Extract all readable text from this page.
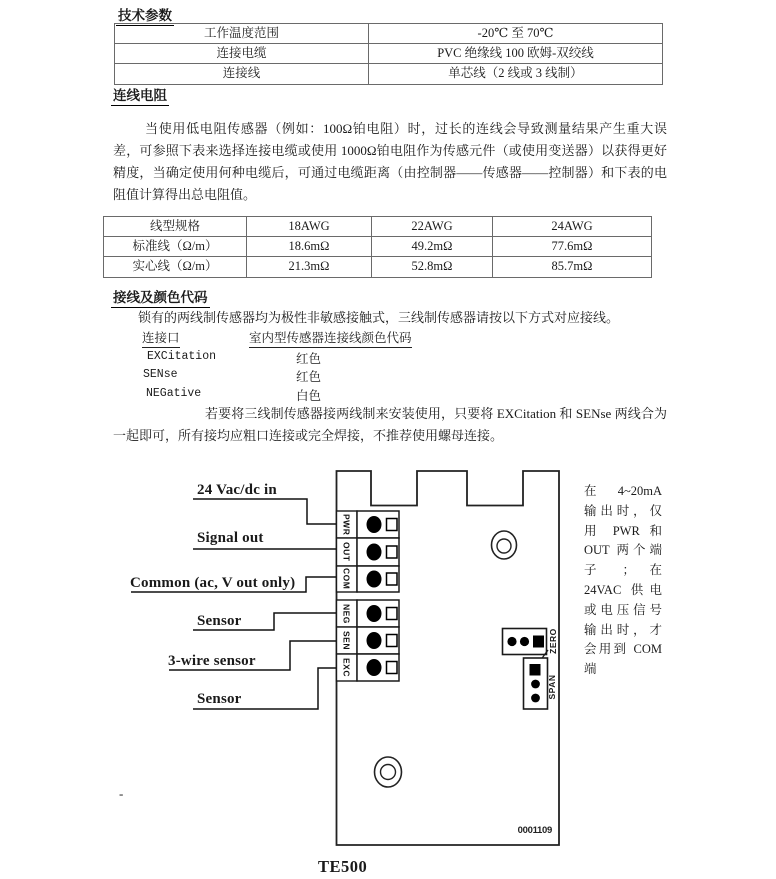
技术参数
工作温度范围	-20℃ 至 70℃
连接电缆	PVC 绝缘线 100 欧姆-双绞线
连接线	单芯线（2 线或 3 线制）
连线电阻
当使用低电阻传感器（例如：100Ω铂电阻）时，过长的连线会导致测量结果产生重大误差，可参照下表来选择连接电缆或使用 1000Ω铂电阻作为传感元件（或使用变送器）以获得更好精度，当确定使用何种电缆后，可通过电缆距离（由控制器——传感器——控制器）和下表的电阻值计算得出总电阻值。
线型规格	18AWG	22AWG	24AWG
标准线（Ω/m）	18.6mΩ	49.2mΩ	77.6mΩ
实心线（Ω/m）	21.3mΩ	52.8mΩ	85.7mΩ
接线及颜色代码
锁有的两线制传感器均为极性非敏感接触式，三线制传感器请按以下方式对应接线。
连接口	室内型传感器连接线颜色代码
EXCitation	红色
SENse	红色
NEGative	白色
若要将三线制传感器接两线制来安装使用，只要将 EXCitation 和 SENse 两线合为一起即可，所有接均应粗口连接或完全焊接，不推荐使用螺母连接。
24 Vac/dc in
Signal out
Common (ac, V out only)
Sensor
3-wire sensor
Sensor
PWR
OUT
COM
NEG
SEN
EXC
ZERO
SPAN
0001109
TE500
在 4~20mA
输出时，仅
用 PWR 和
OUT 两个端
子 ； 在
24VAC 供电
或电压信号
输出时，才
会用到 COM
端
-
